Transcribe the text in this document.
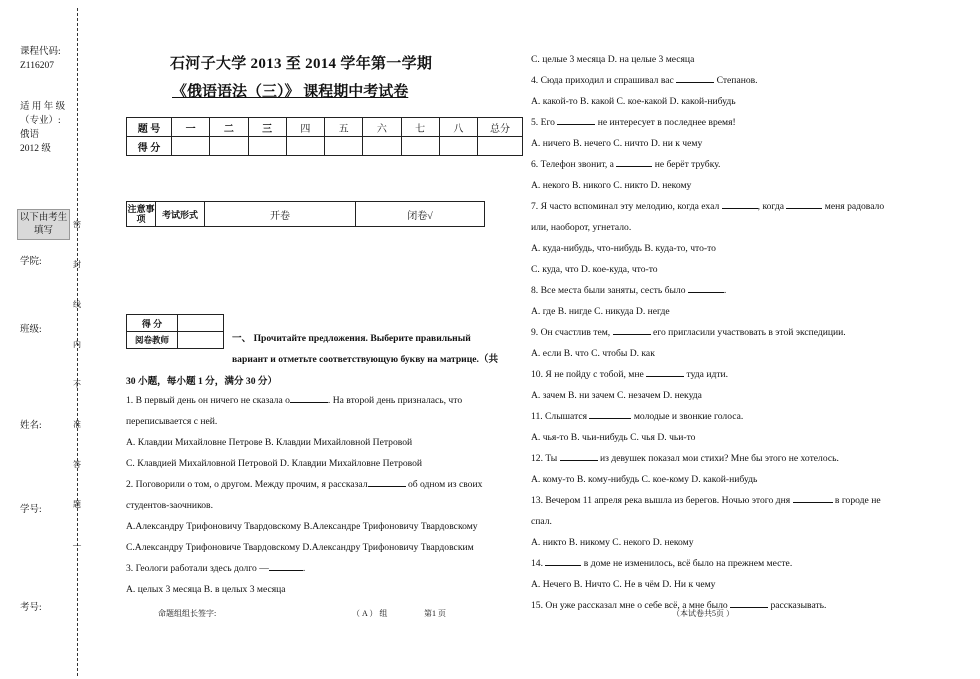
课程代码:
Z116207
适 用 年 级
（专业）:
俄语
2012 级
以下由考生
填写
学院:
班级:
姓名:
学号:
考号:
密
封
线
内
不
准
答
题
—
石河子大学 2013 至 2014 学年第一学期
《俄语语法（三）》 课程期中考试卷
题 号	一	二	三	四	五	六	七	八	总分
得 分									
注意事项	考试形式	开卷	闭卷√
得 分	
阅卷教师		一、 Прочитайте предложения. Выберите правильный
вариант и отметьте соответствующую букву на матрице.（共
30 小题，每小题 1 分，满分 30 分）
1. В первый день он ничего не сказала о	. На второй день призналась, что
переписывается с ней.
А. Клавдии Михайловне Петрове В. Клавдии Михайловной Петровой
С. Клавдией Михайловной Петровой D. Клавдии Михайловне Петровой
2. Поговорили о том, о другом. Между прочим, я рассказал	об одном из своих
студентов-заочников.
А.Александру Трифоновичу Твардовскому В.Александре Трифоновичу Твардовскому
С.Александру Трифоновиче Твардовскому D.Александру Трифоновичу Твардовским
3. Геологи работали здесь долго —	.
А. целых 3 месяца В. в целых 3 месяца
С. целые 3 месяца D. на целые 3 месяца
4. Сюда приходил и спрашивал вас	Степанов.
А. какой-то В. какой С. кое-какой D. какой-нибудь
5. Его	не интересует в последнее время!
А. ничего В. нечего С. ничто D. ни к чему
6. Телефон звонит, а	не берёт трубку.
А. некого В. никого С. никто D. некому
7. Я часто вспоминал эту мелодию, когда ехал	, когда	меня радовало
или, наоборот, угнетало.
А. куда-нибудь, что-нибудь В. куда-то, что-то
С. куда, что D. кое-куда, что-то
8. Все места были заняты, сесть было	.
А. где В. нигде С. никуда D. негде
9. Он счастлив тем,	его пригласили участвовать в этой экспедиции.
А. если В. что С. чтобы D. как
10. Я не пойду с тобой, мне	туда идти.
А. зачем В. ни зачем С. незачем D. некуда
11. Слышатся	молодые и звонкие голоса.
А. чья-то В. чьи-нибудь С. чья D. чьи-то
12. Ты	из девушек показал мои стихи? Мне бы этого не хотелось.
А. кому-то В. кому-нибудь С. кое-кому D. какой-нибудь
13. Вечером 11 апреля река вышла из берегов. Ночью этого дня	в городе не
спал.
А. никто В. никому С. некого D. некому
14.	в доме не изменилось, всё было на прежнем месте.
А. Нечего В. Ничто С. Не в чём D. Ни к чему
15. Он уже рассказал мне о себе всё, а мне было	рассказывать.
命题组组长签字:	（ A ） 组	第1 页	（本试卷共5页 ）
